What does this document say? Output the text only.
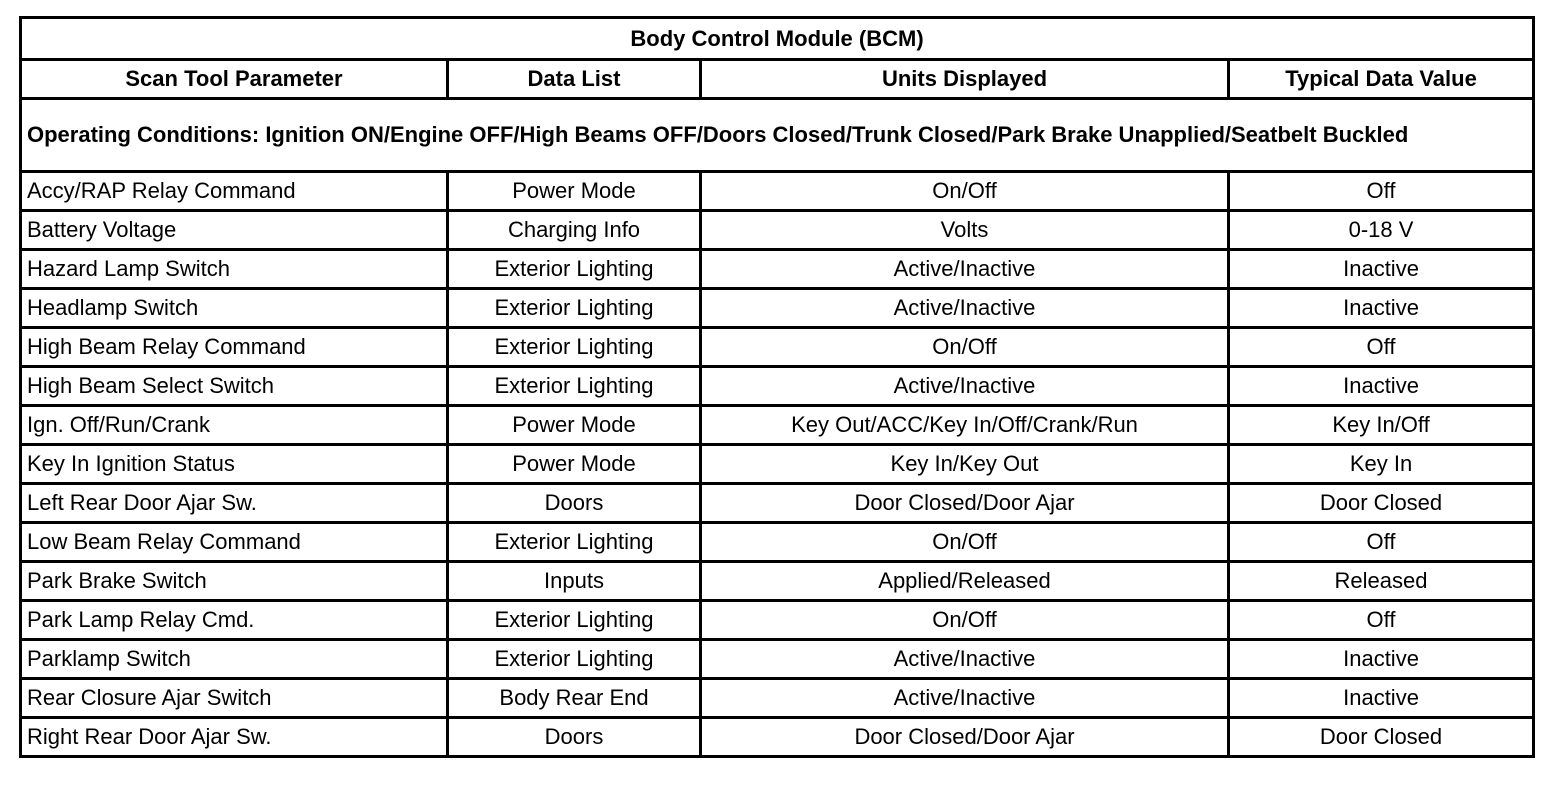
Body Control Module (BCM)			
Scan Tool Parameter	Data List	Units Displayed	Typical Data Value
Operating Conditions: Ignition ON/Engine OFF/High Beams OFF/Doors Closed/Trunk Closed/Park Brake Unapplied/Seatbelt Buckled			
Accy/RAP Relay Command	Power Mode	On/Off	Off
Battery Voltage	Charging Info	Volts	0-18 V
Hazard Lamp Switch	Exterior Lighting	Active/Inactive	Inactive
Headlamp Switch	Exterior Lighting	Active/Inactive	Inactive
High Beam Relay Command	Exterior Lighting	On/Off	Off
High Beam Select Switch	Exterior Lighting	Active/Inactive	Inactive
Ign. Off/Run/Crank	Power Mode	Key Out/ACC/Key In/Off/Crank/Run	Key In/Off
Key In Ignition Status	Power Mode	Key In/Key Out	Key In
Left Rear Door Ajar Sw.	Doors	Door Closed/Door Ajar	Door Closed
Low Beam Relay Command	Exterior Lighting	On/Off	Off
Park Brake Switch	Inputs	Applied/Released	Released
Park Lamp Relay Cmd.	Exterior Lighting	On/Off	Off
Parklamp Switch	Exterior Lighting	Active/Inactive	Inactive
Rear Closure Ajar Switch	Body Rear End	Active/Inactive	Inactive
Right Rear Door Ajar Sw.	Doors	Door Closed/Door Ajar	Door Closed
